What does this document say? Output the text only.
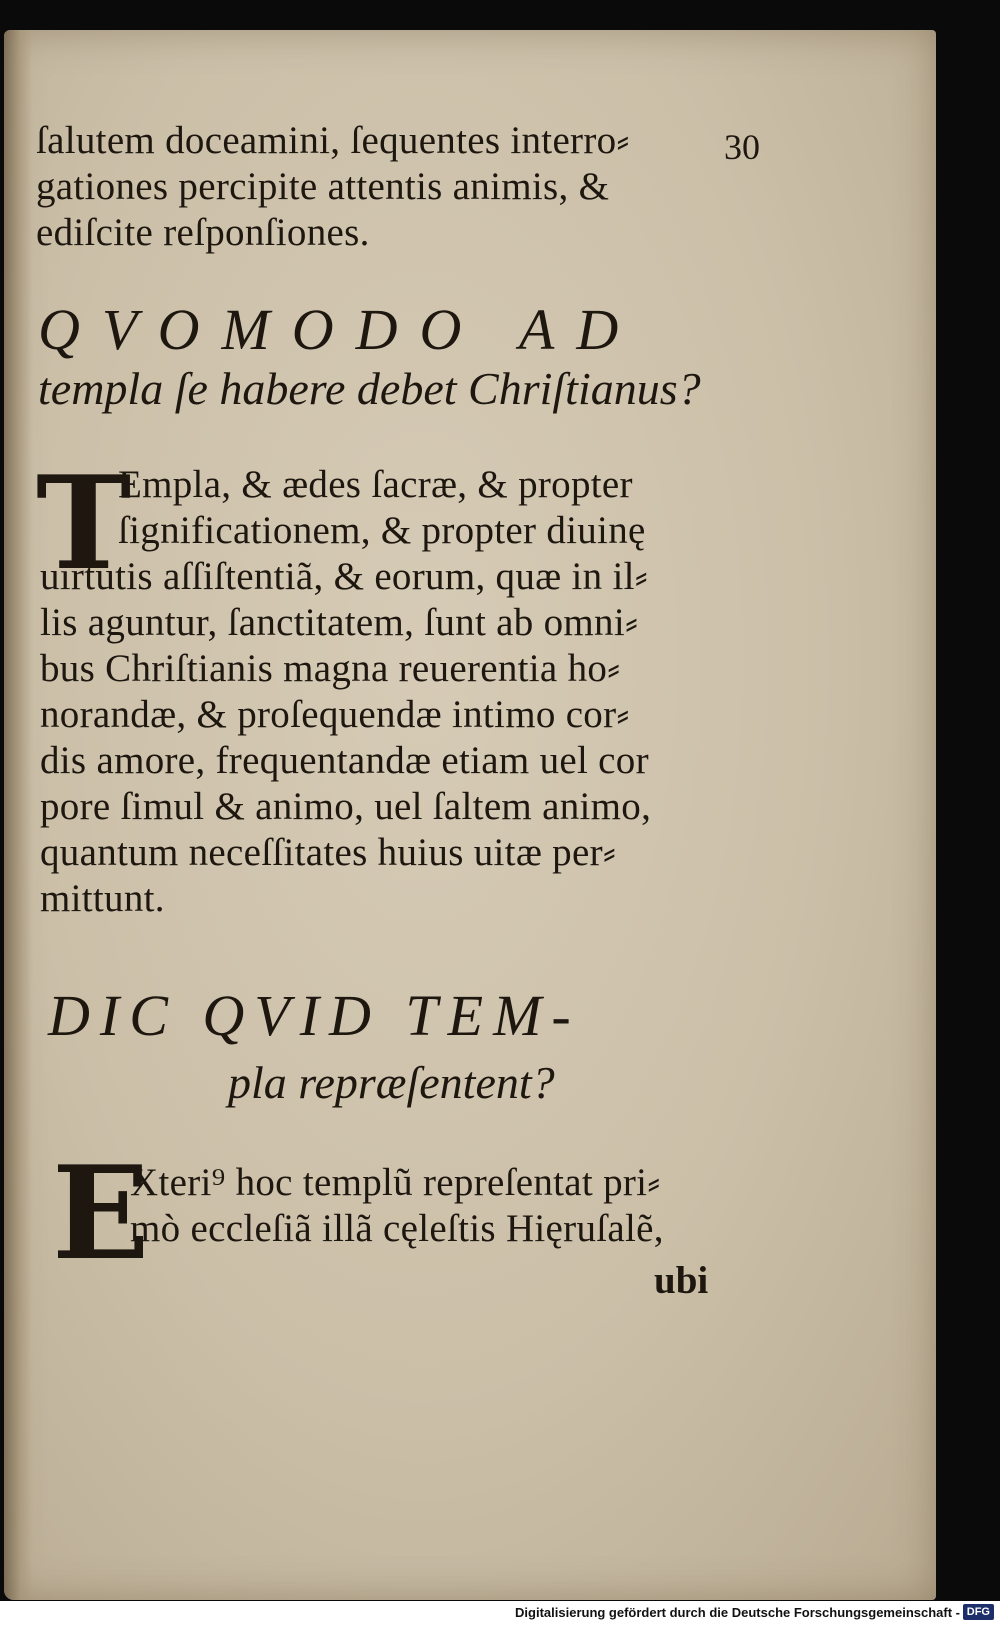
30
ſalutem doceamini, ſequentes interro⸗
gationes percipite attentis animis, &
ediſcite reſponſiones.
QVOMODO AD
templa ſe habere debet Chriſtianus?
T
Empla, & ædes ſacræ, & propter
ſignificationem, & propter diuinę
uirtutis aſſiſtentiã, & eorum, quæ in il⸗
lis aguntur, ſanctitatem, ſunt ab omni⸗
bus Chriſtianis magna reuerentia ho⸗
norandæ, & proſequendæ intimo cor⸗
dis amore, frequentandæ etiam uel cor
pore ſimul & animo, uel ſaltem animo,
quantum neceſſitates huius uitæ per⸗
mittunt.
DIC QVID TEM-
pla repræſentent?
E
Xteri⁹ hoc templũ repreſentat pri⸗
mò eccleſiã illã cęleſtis Hięruſalẽ,
ubi
Digitalisierung gefördert durch die Deutsche Forschungsgemeinschaft - DFG
